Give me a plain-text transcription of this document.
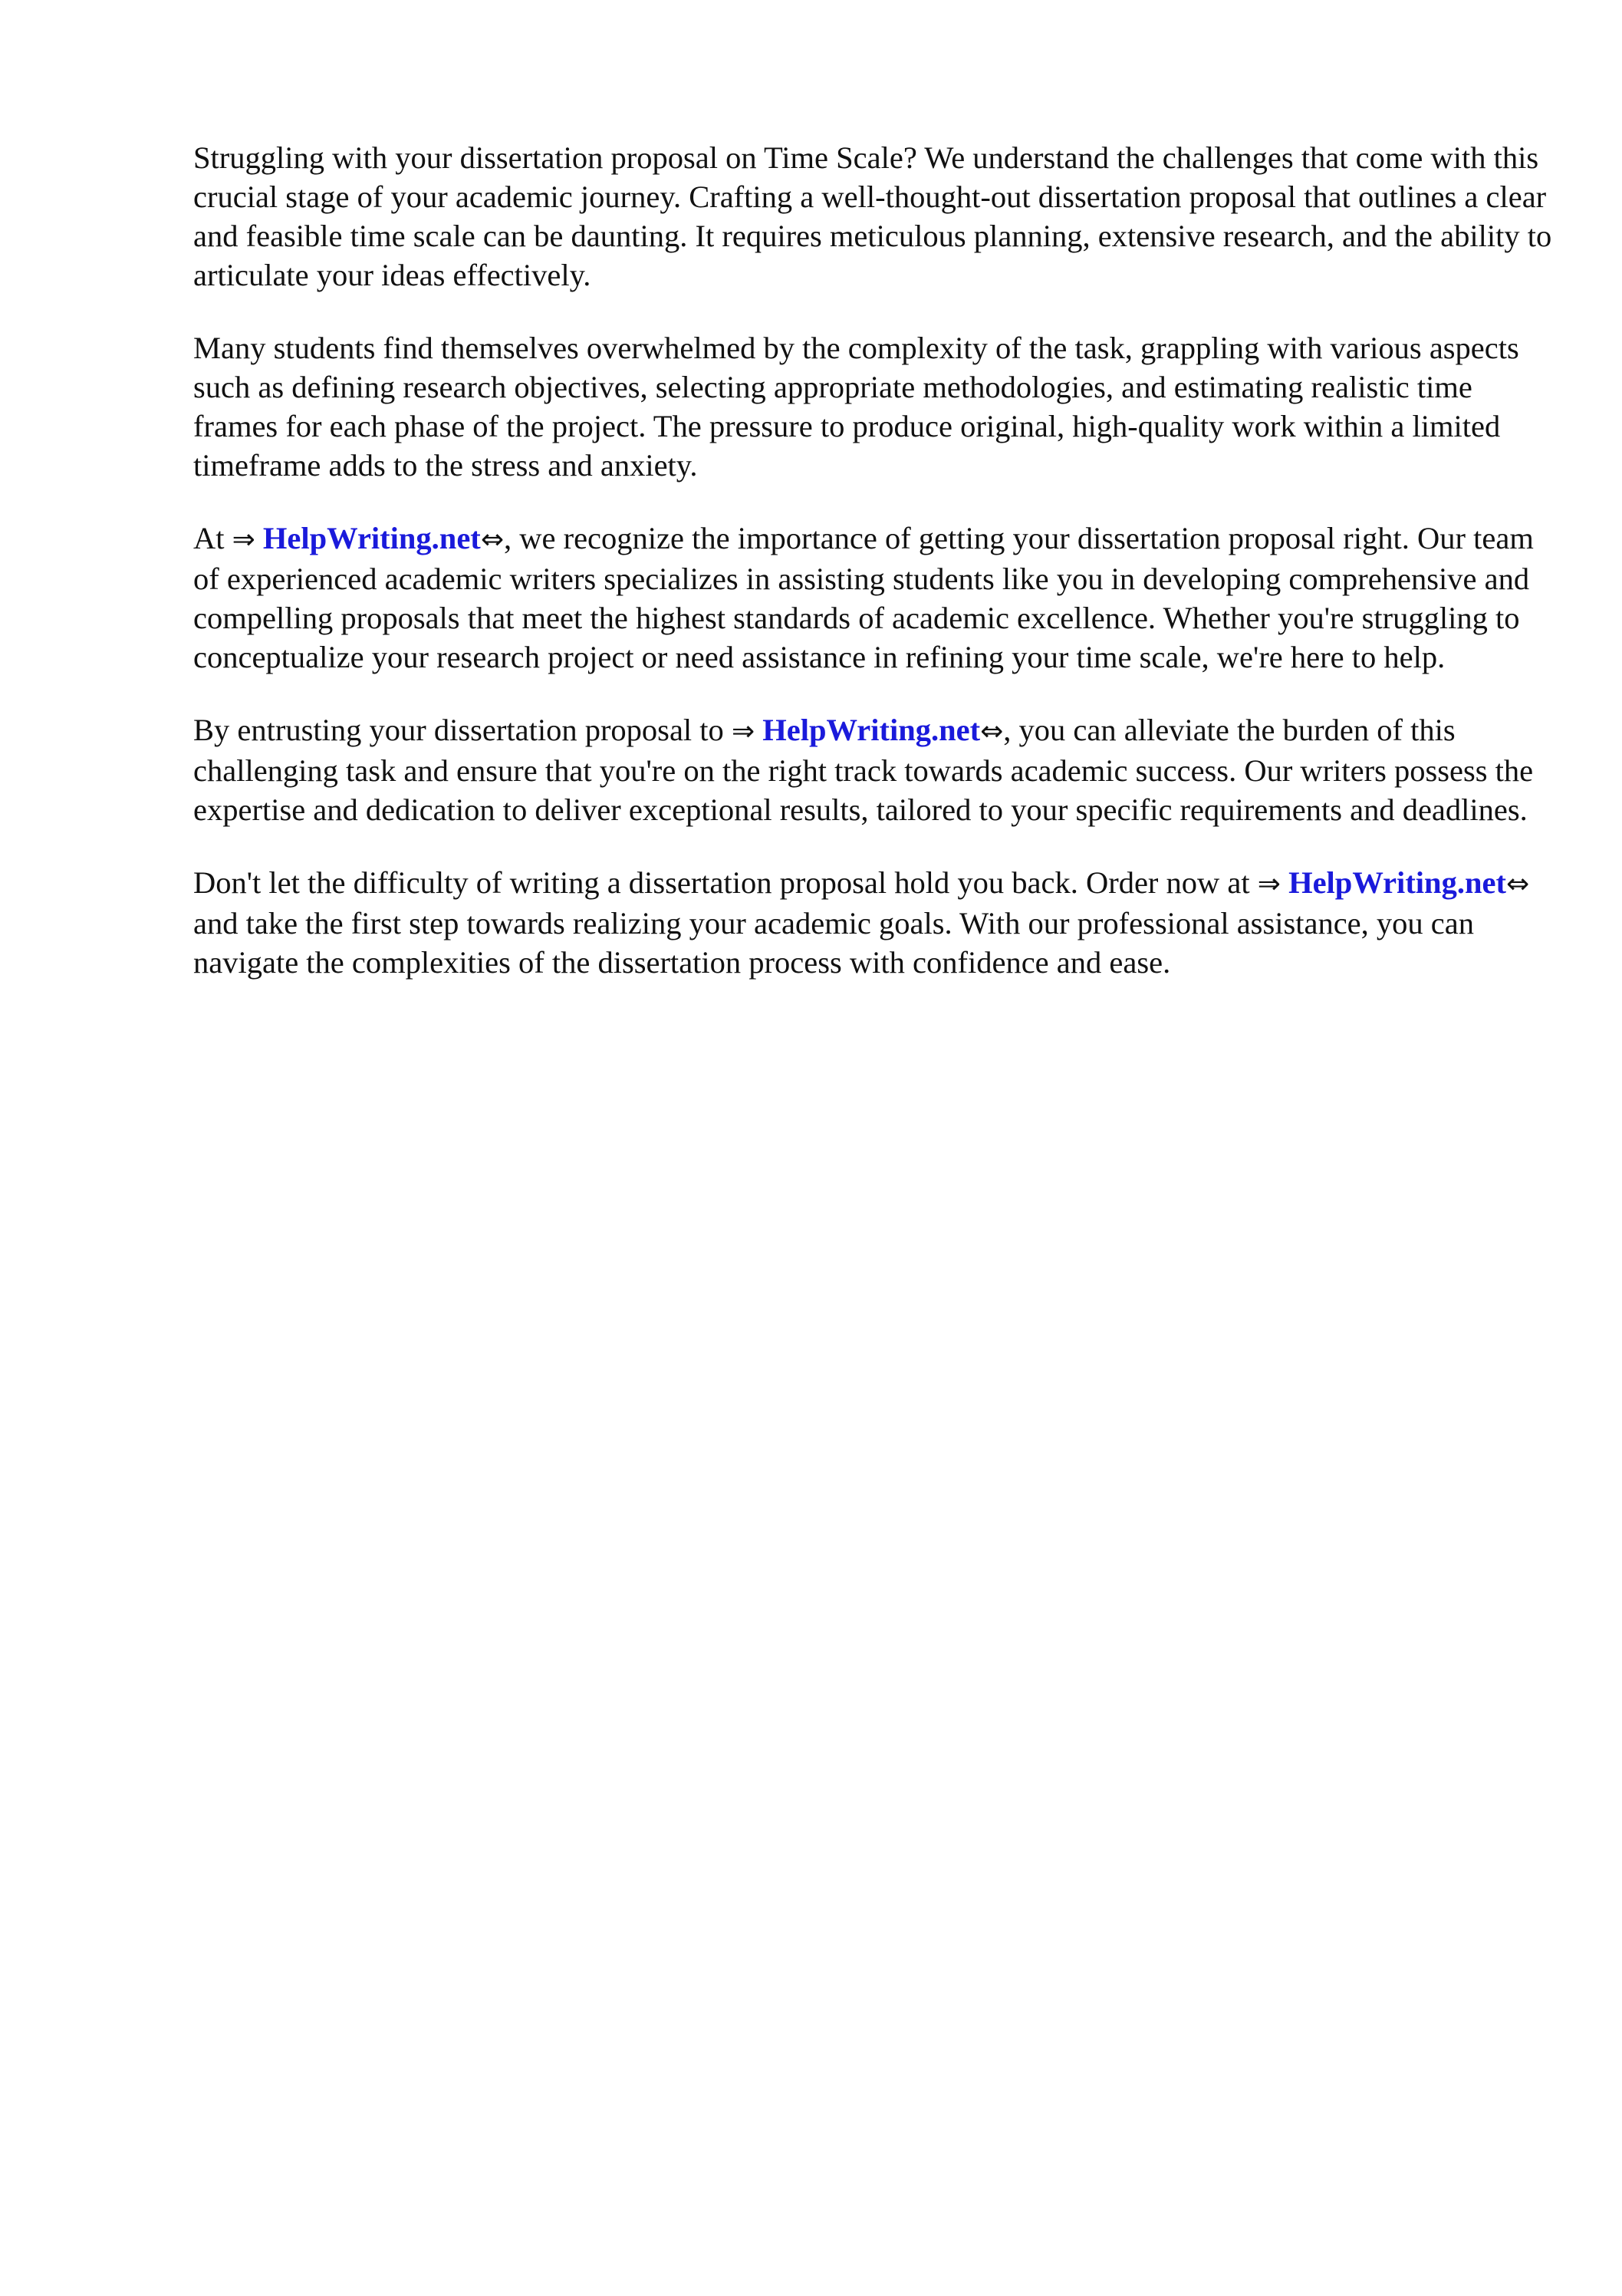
Struggling with your dissertation proposal on Time Scale? We understand the challenges that come with this crucial stage of your academic journey. Crafting a well-thought-out dissertation proposal that outlines a clear and feasible time scale can be daunting. It requires meticulous planning, extensive research, and the ability to articulate your ideas effectively.

Many students find themselves overwhelmed by the complexity of the task, grappling with various aspects such as defining research objectives, selecting appropriate methodologies, and estimating realistic time frames for each phase of the project. The pressure to produce original, high-quality work within a limited timeframe adds to the stress and anxiety.

At ⇒ HelpWriting.net⇔, we recognize the importance of getting your dissertation proposal right. Our team of experienced academic writers specializes in assisting students like you in developing comprehensive and compelling proposals that meet the highest standards of academic excellence. Whether you're struggling to conceptualize your research project or need assistance in refining your time scale, we're here to help.

By entrusting your dissertation proposal to ⇒ HelpWriting.net⇔, you can alleviate the burden of this challenging task and ensure that you're on the right track towards academic success. Our writers possess the expertise and dedication to deliver exceptional results, tailored to your specific requirements and deadlines.

Don't let the difficulty of writing a dissertation proposal hold you back. Order now at ⇒ HelpWriting.net⇔ and take the first step towards realizing your academic goals. With our professional assistance, you can navigate the complexities of the dissertation process with confidence and ease.
